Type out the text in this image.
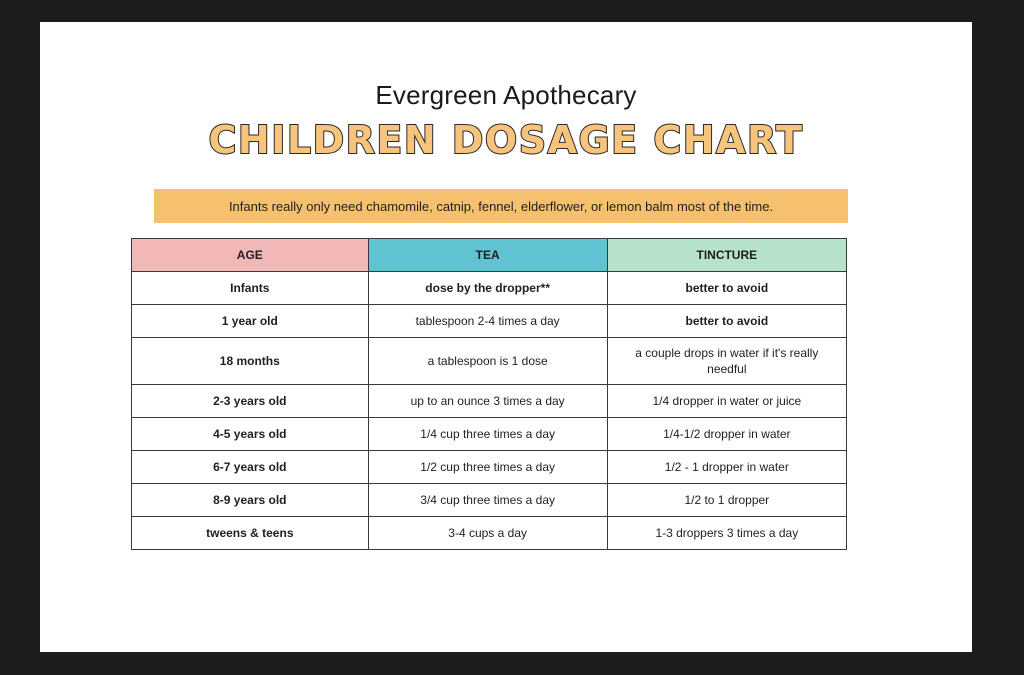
Evergreen Apothecary
CHILDREN DOSAGE CHART
Infants really only need chamomile, catnip, fennel, elderflower, or lemon balm most of the time.
AGE	TEA	TINCTURE
Infants	dose by the dropper**	better to avoid
1 year old	tablespoon 2-4 times a day	better to avoid
18 months	a tablespoon is 1 dose	a couple drops in water if it's really needful
2-3 years old	up to an ounce 3 times a day	1/4 dropper in water or juice
4-5 years old	1/4 cup three times a day	1/4-1/2 dropper in water
6-7 years old	1/2 cup three times a day	1/2 - 1 dropper in water
8-9 years old	3/4 cup three times a day	1/2 to 1 dropper
tweens & teens	3-4 cups a day	1-3 droppers 3 times a day
